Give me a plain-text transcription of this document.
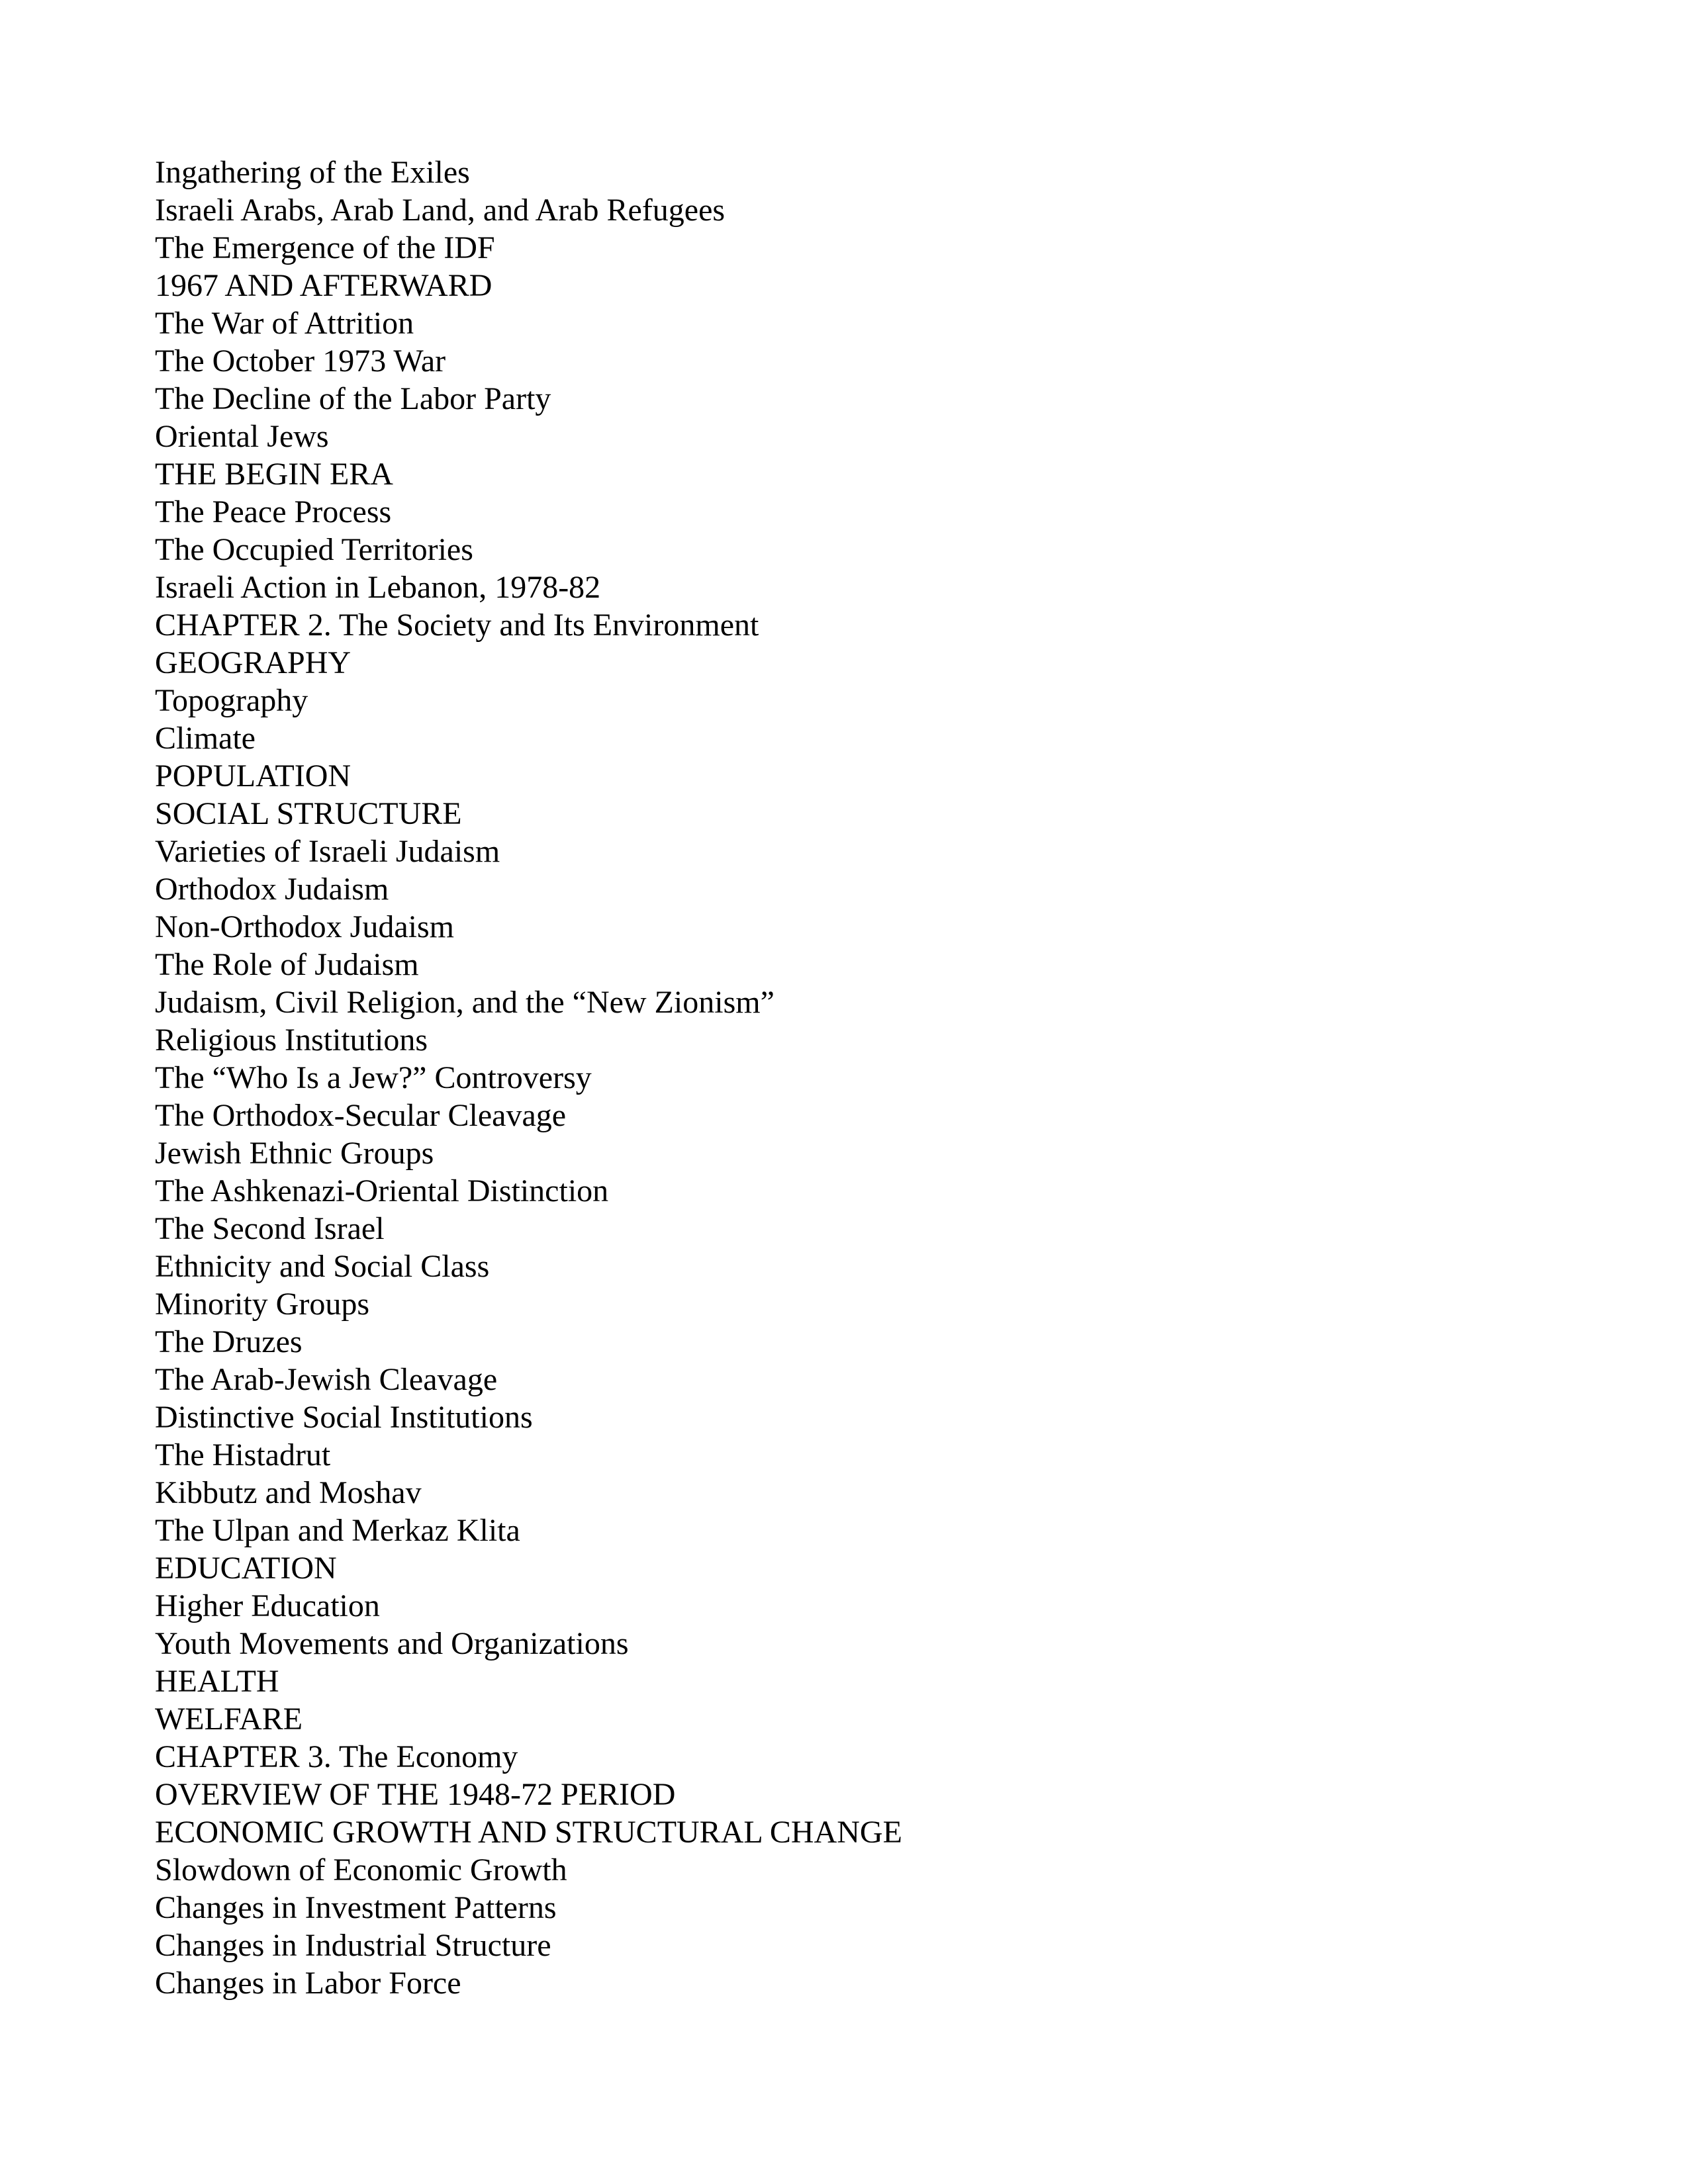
Ingathering of the Exiles
Israeli Arabs, Arab Land, and Arab Refugees
The Emergence of the IDF
1967 AND AFTERWARD
The War of Attrition
The October 1973 War
The Decline of the Labor Party
Oriental Jews
THE BEGIN ERA
The Peace Process
The Occupied Territories
Israeli Action in Lebanon, 1978-82
CHAPTER 2. The Society and Its Environment
GEOGRAPHY
Topography
Climate
POPULATION
SOCIAL STRUCTURE
Varieties of Israeli Judaism
Orthodox Judaism
Non-Orthodox Judaism
The Role of Judaism
Judaism, Civil Religion, and the “New Zionism”
Religious Institutions
The “Who Is a Jew?” Controversy
The Orthodox-Secular Cleavage
Jewish Ethnic Groups
The Ashkenazi-Oriental Distinction
The Second Israel
Ethnicity and Social Class
Minority Groups
The Druzes
The Arab-Jewish Cleavage
Distinctive Social Institutions
The Histadrut
Kibbutz and Moshav
The Ulpan and Merkaz Klita
EDUCATION
Higher Education
Youth Movements and Organizations
HEALTH
WELFARE
CHAPTER 3. The Economy
OVERVIEW OF THE 1948-72 PERIOD
ECONOMIC GROWTH AND STRUCTURAL CHANGE
Slowdown of Economic Growth
Changes in Investment Patterns
Changes in Industrial Structure
Changes in Labor Force
